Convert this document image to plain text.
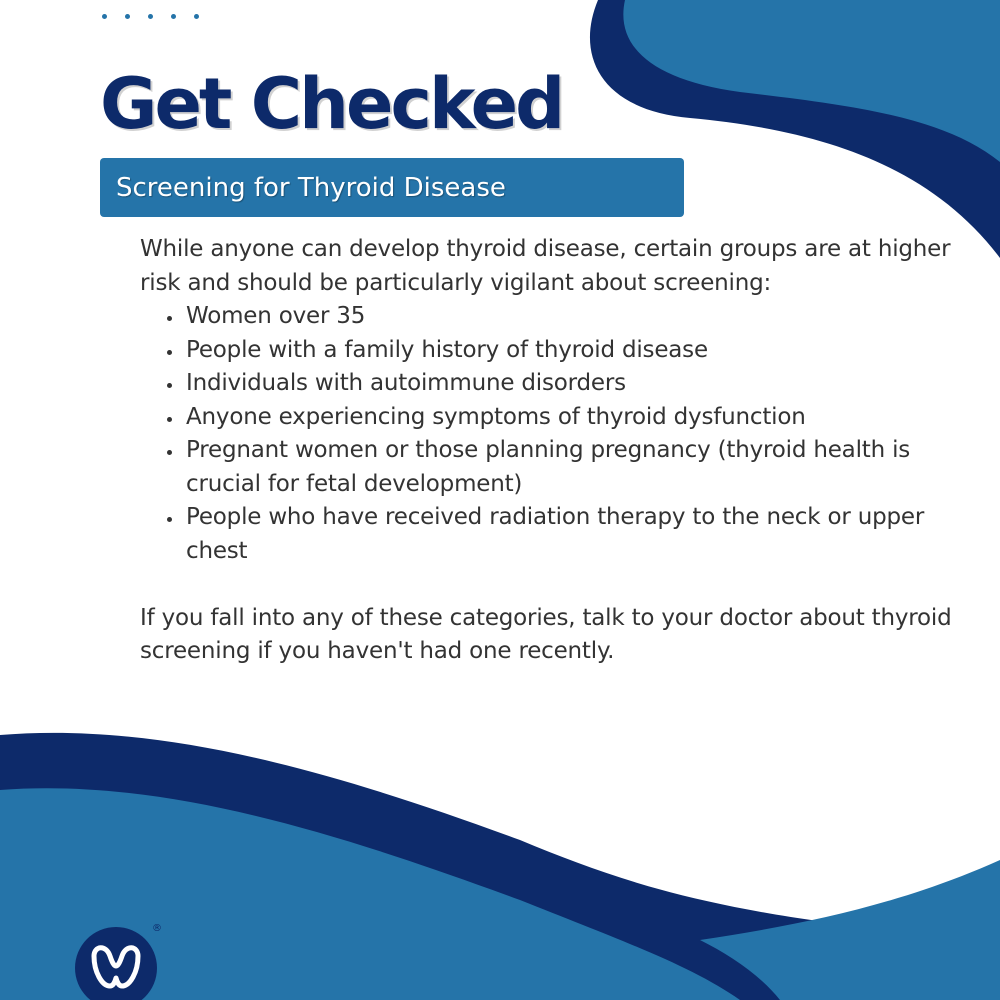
Get Checked
Screening for Thyroid Disease

While anyone can develop thyroid disease, certain groups are at higher risk and should be particularly vigilant about screening:

• Women over 35
• People with a family history of thyroid disease
• Individuals with autoimmune disorders
• Anyone experiencing symptoms of thyroid dysfunction
• Pregnant women or those planning pregnancy (thyroid health is crucial for fetal development)
• People who have received radiation therapy to the neck or upper chest

If you fall into any of these categories, talk to your doctor about thyroid screening if you haven't had one recently.

®
